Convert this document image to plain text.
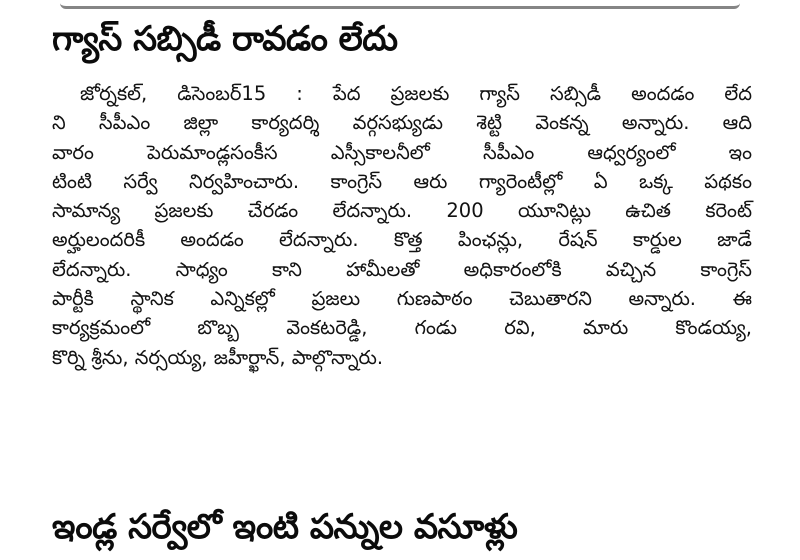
గ్యాస్ సబ్సిడీ రావడం లేదు
జోర్నకల్, డిసెంబర్15 : పేద ప్రజలకు గ్యాస్ సబ్సిడీ అందడం లేద
ని సీపీఎం జిల్లా కార్యదర్శి వర్గసభ్యుడు శెట్టి వెంకన్న అన్నారు. ఆది
వారం పెరుమాండ్లసంకీస ఎస్సీకాలనీలో సీపీఎం ఆధ్వర్యంలో ఇం
టింటి సర్వే నిర్వహించారు. కాంగ్రెస్ ఆరు గ్యారెంటీల్లో ఏ ఒక్క పథకం
సామాన్య ప్రజలకు చేరడం లేదన్నారు. 200 యూనిట్లు ఉచిత కరెంట్
అర్హులందరికీ అందడం లేదన్నారు. కొత్త పింఛన్లు, రేషన్ కార్డుల జాడే
లేదన్నారు. సాధ్యం కాని హామీలతో అధికారంలోకి వచ్చిన కాంగ్రెస్
పార్టీకి స్థానిక ఎన్నికల్లో ప్రజలు గుణపాఠం చెబుతారని అన్నారు. ఈ
కార్యక్రమంలో బొబ్బ వెంకటరెడ్డి, గండు రవి, మారు కొండయ్య,
కొర్ని శ్రీను, నర్సయ్య, జహీర్ఖాన్, పాల్గొన్నారు.
ఇండ్ల సర్వేలో ఇంటి పన్నుల వసూళ్లు
